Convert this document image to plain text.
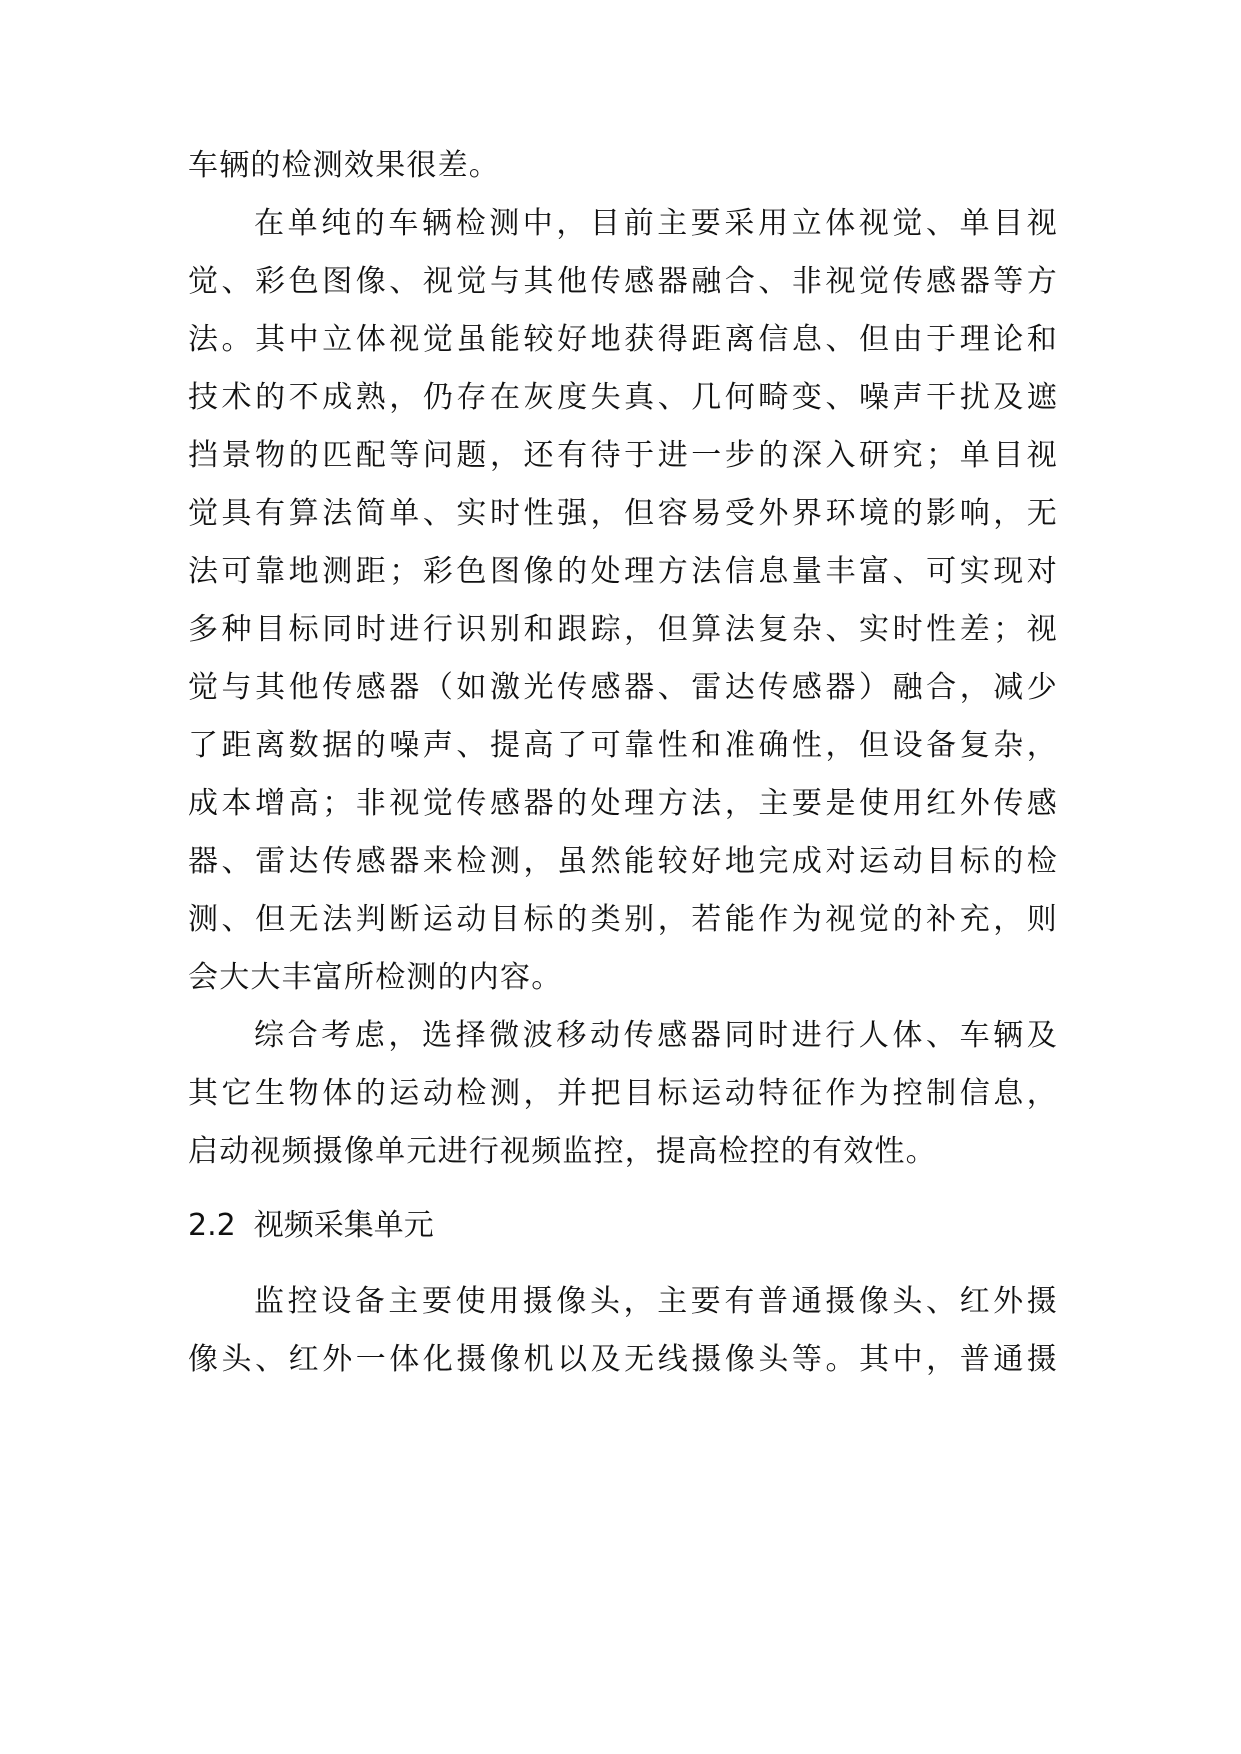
车辆的检测效果很差。
在单纯的车辆检测中，目前主要采用立体视觉、单目视
觉、彩色图像、视觉与其他传感器融合、非视觉传感器等方
法。其中立体视觉虽能较好地获得距离信息、但由于理论和
技术的不成熟，仍存在灰度失真、几何畸变、噪声干扰及遮
挡景物的匹配等问题，还有待于进一步的深入研究；单目视
觉具有算法简单、实时性强，但容易受外界环境的影响，无
法可靠地测距；彩色图像的处理方法信息量丰富、可实现对
多种目标同时进行识别和跟踪，但算法复杂、实时性差；视
觉与其他传感器（如激光传感器、雷达传感器）融合，减少
了距离数据的噪声、提高了可靠性和准确性，但设备复杂，
成本增高；非视觉传感器的处理方法，主要是使用红外传感
器、雷达传感器来检测，虽然能较好地完成对运动目标的检
测、但无法判断运动目标的类别，若能作为视觉的补充，则
会大大丰富所检测的内容。
综合考虑，选择微波移动传感器同时进行人体、车辆及
其它生物体的运动检测，并把目标运动特征作为控制信息，
启动视频摄像单元进行视频监控，提高检控的有效性。
2.2 视频采集单元
监控设备主要使用摄像头，主要有普通摄像头、红外摄
像头、红外一体化摄像机以及无线摄像头等。其中，普通摄
